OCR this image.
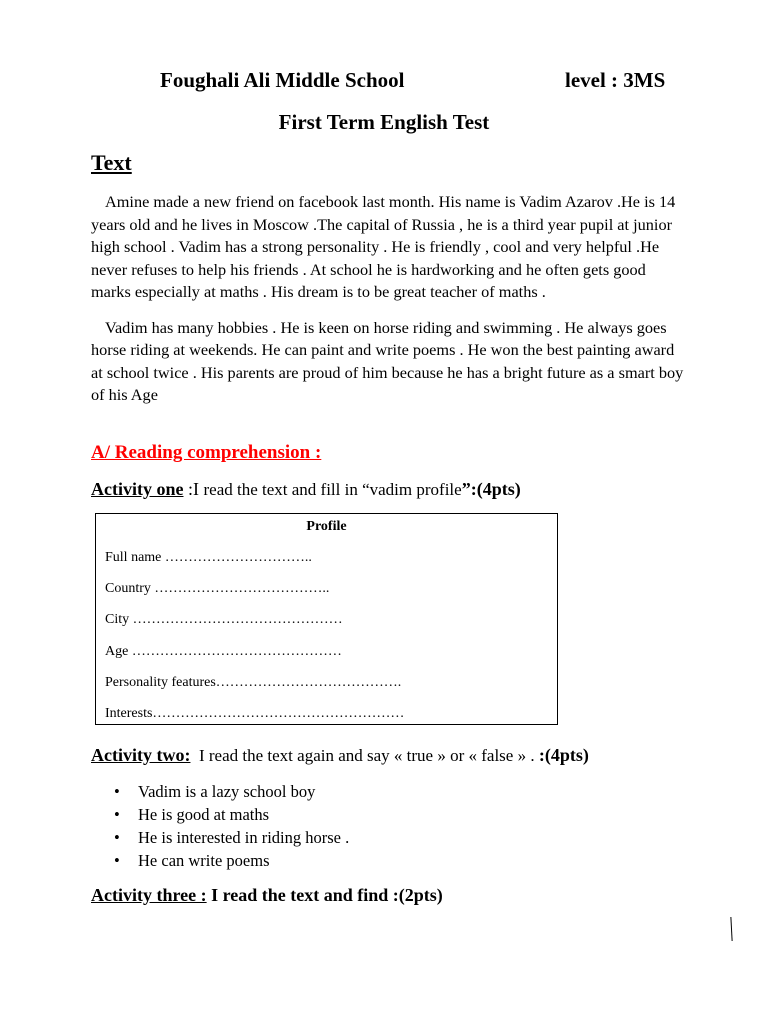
Foughali Ali Middle School	level : 3MS
First Term English Test
Text

Amine made a new friend on facebook last month. His name is Vadim Azarov .He is 14 years old and he lives in Moscow .The capital of Russia , he is a third year pupil at junior high school . Vadim has a strong personality . He is friendly , cool and very helpful .He never refuses to help his friends . At school he is hardworking and he often gets good marks especially at maths . His dream is to be great teacher of maths .

Vadim has many hobbies . He is keen on horse riding and swimming . He always goes horse riding at weekends. He can paint and write poems . He won the best painting award at school twice . His parents are proud of him because he has a bright future as a smart boy of his Age

A/ Reading comprehension :
Activity one :I read the text and fill in “vadim profile”:(4pts)
Profile
Full name …………………………..
Country ………………………………..
City ………………………………………
Age ………………………………………
Personality features………………………………….
Interests………………………………………………
Activity two:  I read the text again and say « true » or « false » . :(4pts)
• Vadim is a lazy school boy
• He is good at maths
• He is interested in riding horse .
• He can write poems
Activity three : I read the text and find :(2pts)
